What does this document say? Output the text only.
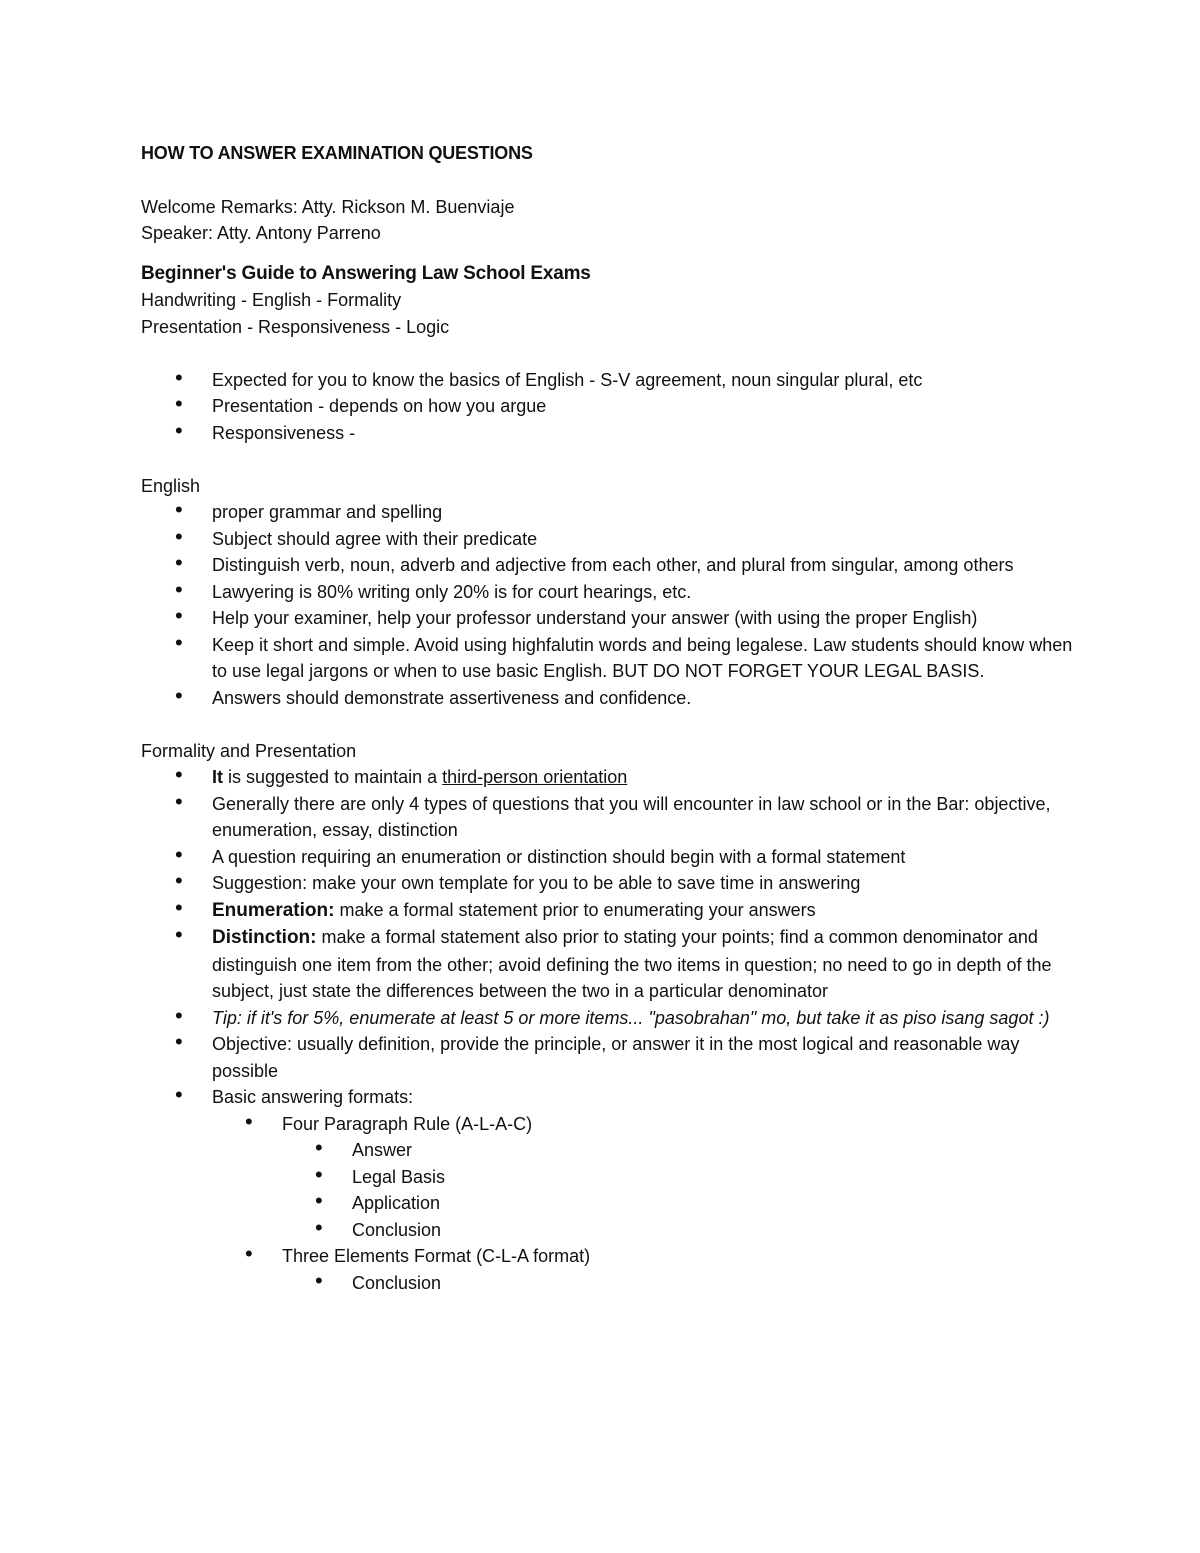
HOW TO ANSWER EXAMINATION QUESTIONS
Welcome Remarks: Atty. Rickson M. Buenviaje
Speaker: Atty. Antony Parreno
Beginner's Guide to Answering Law School Exams
Handwriting - English - Formality
Presentation - Responsiveness - Logic
• Expected for you to know the basics of English - S-V agreement, noun singular plural, etc
• Presentation - depends on how you argue
• Responsiveness -
English
• proper grammar and spelling
• Subject should agree with their predicate
• Distinguish verb, noun, adverb and adjective from each other, and plural from singular, among others
• Lawyering is 80% writing only 20% is for court hearings, etc.
• Help your examiner, help your professor understand your answer (with using the proper English)
• Keep it short and simple. Avoid using highfalutin words and being legalese. Law students should know when to use legal jargons or when to use basic English. BUT DO NOT FORGET YOUR LEGAL BASIS.
• Answers should demonstrate assertiveness and confidence.
Formality and Presentation
• It is suggested to maintain a third-person orientation
• Generally there are only 4 types of questions that you will encounter in law school or in the Bar: objective, enumeration, essay, distinction
• A question requiring an enumeration or distinction should begin with a formal statement
• Suggestion: make your own template for you to be able to save time in answering
• Enumeration: make a formal statement prior to enumerating your answers
• Distinction: make a formal statement also prior to stating your points; find a common denominator and distinguish one item from the other; avoid defining the two items in question; no need to go in depth of the subject, just state the differences between the two in a particular denominator
• Tip: if it's for 5%, enumerate at least 5 or more items... "pasobrahan" mo, but take it as piso isang sagot :)
• Objective: usually definition, provide the principle, or answer it in the most logical and reasonable way possible
• Basic answering formats:
• Four Paragraph Rule (A-L-A-C)
• Answer
• Legal Basis
• Application
• Conclusion
• Three Elements Format (C-L-A format)
• Conclusion
